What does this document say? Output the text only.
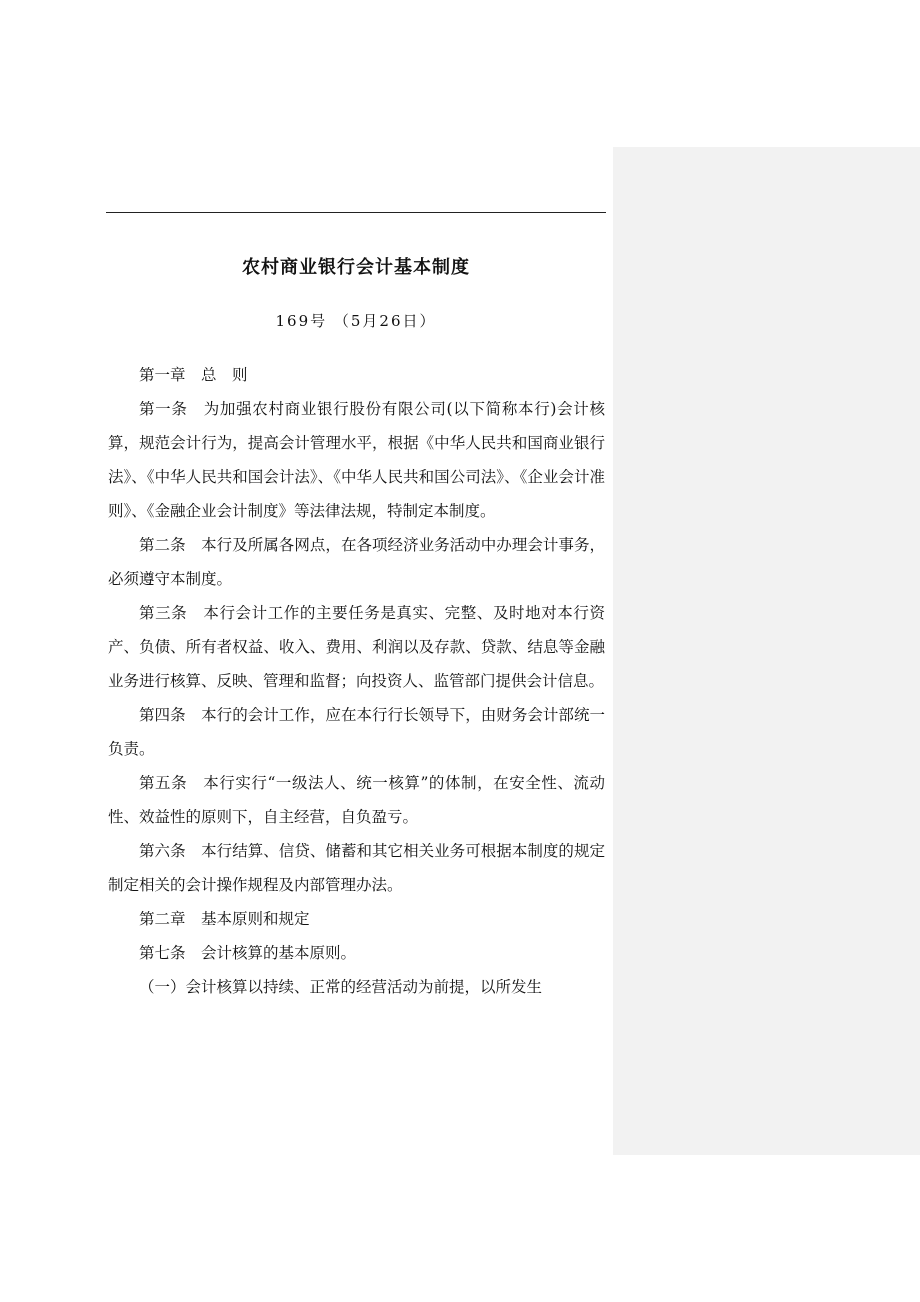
农村商业银行会计基本制度
169号 （5月26日）

第一章　总　则

第一条　为加强农村商业银行股份有限公司(以下简称本行)会计核算，规范会计行为，提高会计管理水平，根据《中华人民共和国商业银行法》、《中华人民共和国会计法》、《中华人民共和国公司法》、《企业会计准则》、《金融企业会计制度》等法律法规，特制定本制度。

第二条　本行及所属各网点，在各项经济业务活动中办理会计事务，必须遵守本制度。

第三条　本行会计工作的主要任务是真实、完整、及时地对本行资产、负债、所有者权益、收入、费用、利润以及存款、贷款、结息等金融业务进行核算、反映、管理和监督；向投资人、监管部门提供会计信息。

第四条　本行的会计工作，应在本行行长领导下，由财务会计部统一负责。

第五条　本行实行“一级法人、统一核算”的体制，在安全性、流动性、效益性的原则下，自主经营，自负盈亏。

第六条　本行结算、信贷、储蓄和其它相关业务可根据本制度的规定制定相关的会计操作规程及内部管理办法。

第二章　基本原则和规定

第七条　会计核算的基本原则。

（一）会计核算以持续、正常的经营活动为前提，以所发生
